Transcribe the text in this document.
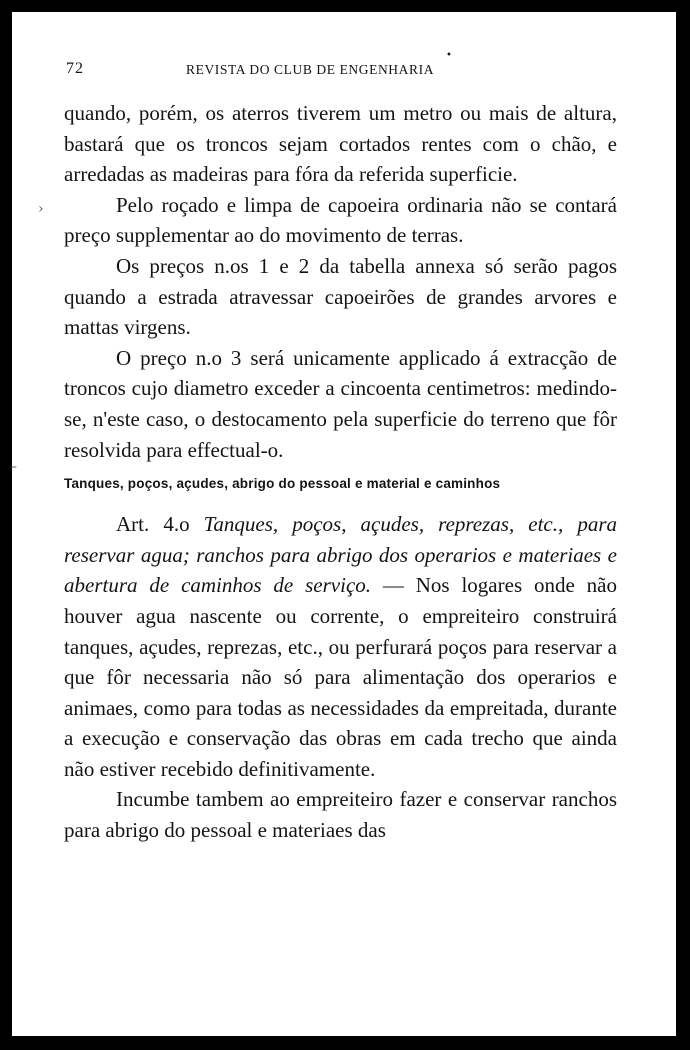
72	REVISTA DO CLUB DE ENGENHARIA
•
›
–

quando, porém, os aterros tiverem um metro ou mais de altura, bastará que os troncos sejam cortados rentes com o chão, e arredadas as madeiras para fóra da referida superficie.

Pelo roçado e limpa de capoeira ordinaria não se contará preço supplementar ao do movimento de terras.

Os preços n.os 1 e 2 da tabella annexa só serão pagos quando a estrada atravessar capoeirões de grandes arvores e mattas virgens.

O preço n.o 3 será unicamente applicado á extracção de troncos cujo diametro exceder a cincoenta centimetros: medindo-se, n'este caso, o destocamento pela superficie do terreno que fôr resolvida para effectual-o.

Tanques, poços, açudes, abrigo do pessoal e material e caminhos

Art. 4.o Tanques, poços, açudes, reprezas, etc., para reservar agua; ranchos para abrigo dos operarios e materiaes e abertura de caminhos de serviço. — Nos logares onde não houver agua nascente ou corrente, o empreiteiro construirá tanques, açudes, reprezas, etc., ou perfurará poços para reservar a que fôr necessaria não só para alimentação dos operarios e animaes, como para todas as necessidades da empreitada, durante a execução e conservação das obras em cada trecho que ainda não estiver recebido definitivamente.

Incumbe tambem ao empreiteiro fazer e conservar ranchos para abrigo do pessoal e materiaes das
